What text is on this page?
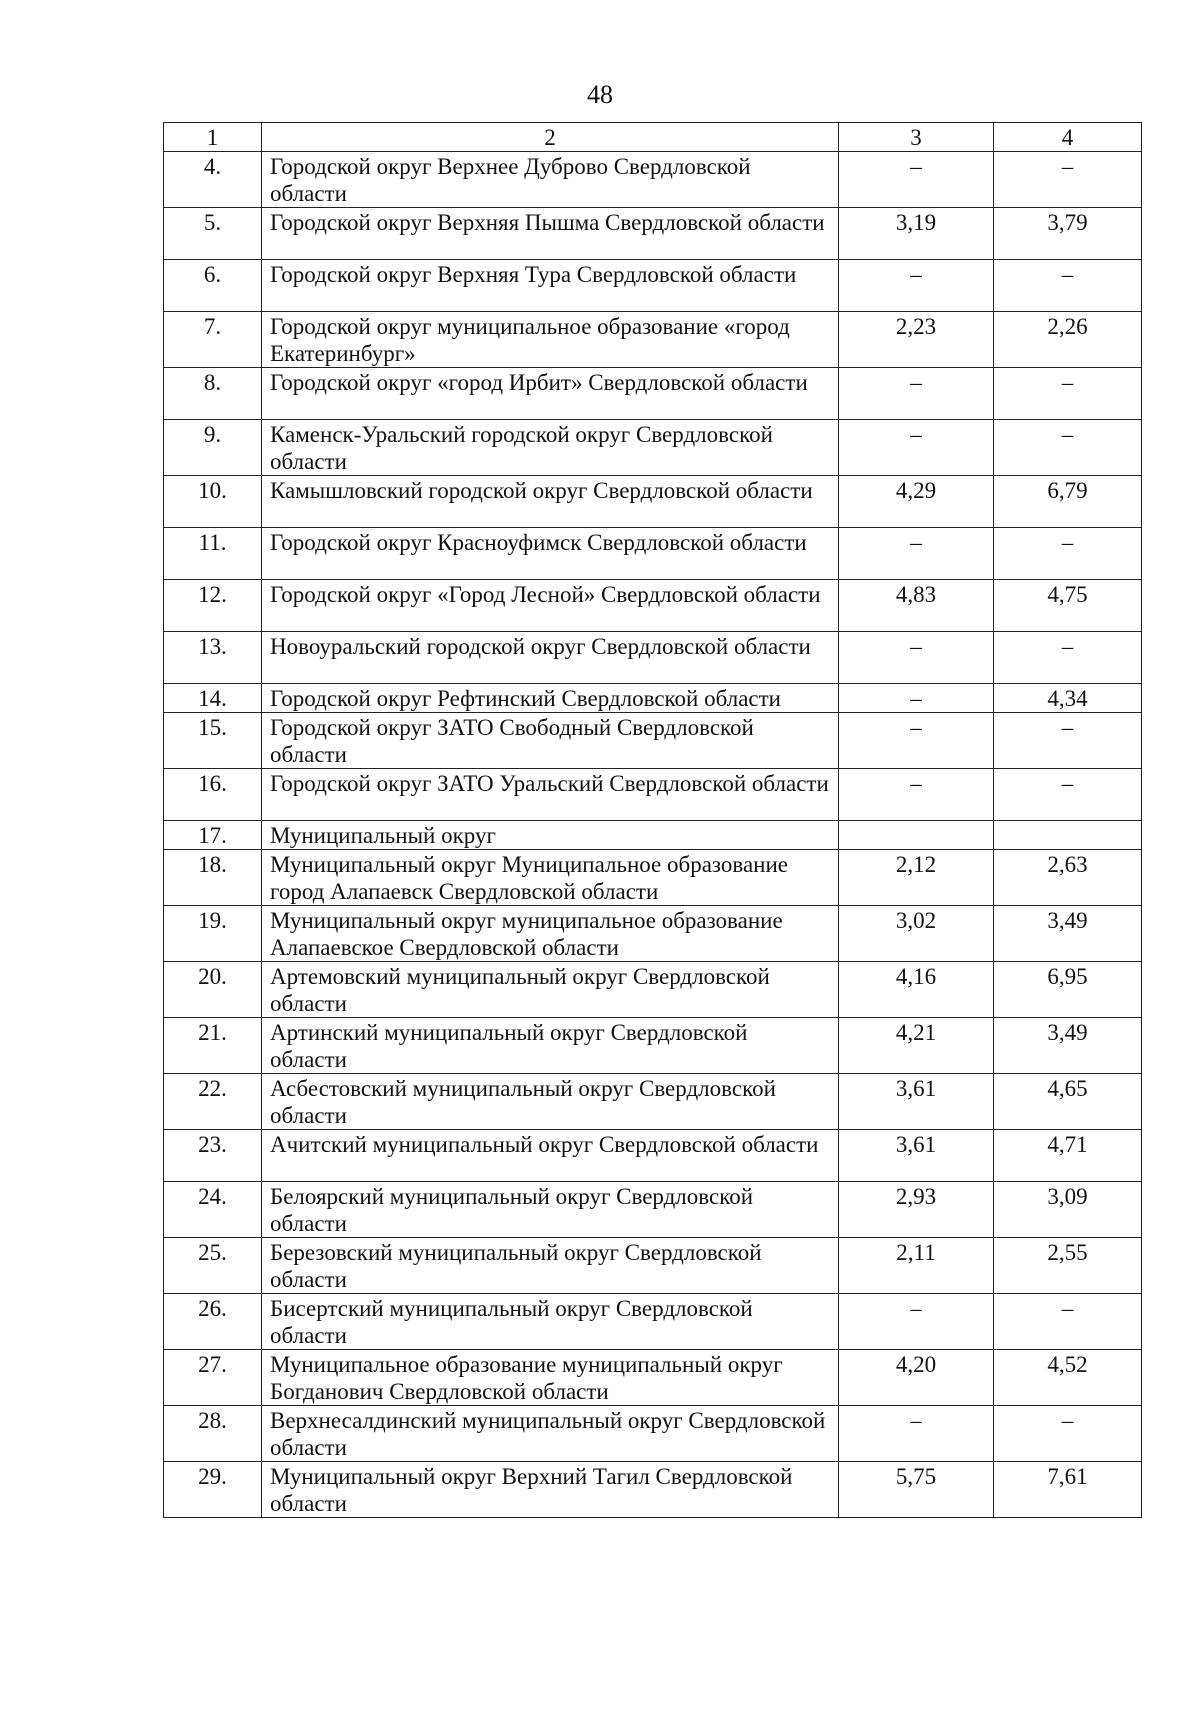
48
1	2	3	4
4.	Городской округ Верхнее Дуброво Свердловской области	–	–
5.	Городской округ Верхняя Пышма Свердловской области	3,19	3,79
6.	Городской округ Верхняя Тура Свердловской области	–	–
7.	Городской округ муниципальное образование «город Екатеринбург»	2,23	2,26
8.	Городской округ «город Ирбит» Свердловской области	–	–
9.	Каменск-Уральский городской округ Свердловской области	–	–
10.	Камышловский городской округ Свердловской области	4,29	6,79
11.	Городской округ Красноуфимск Свердловской области	–	–
12.	Городской округ «Город Лесной» Свердловской области	4,83	4,75
13.	Новоуральский городской округ Свердловской области	–	–
14.	Городской округ Рефтинский Свердловской области	–	4,34
15.	Городской округ ЗАТО Свободный Свердловской области	–	–
16.	Городской округ ЗАТО Уральский Свердловской области	–	–
17.	Муниципальный округ		
18.	Муниципальный округ Муниципальное образование город Алапаевск Свердловской области	2,12	2,63
19.	Муниципальный округ муниципальное образование Алапаевское Свердловской области	3,02	3,49
20.	Артемовский муниципальный округ Свердловской области	4,16	6,95
21.	Артинский муниципальный округ Свердловской области	4,21	3,49
22.	Асбестовский муниципальный округ Свердловской области	3,61	4,65
23.	Ачитский муниципальный округ Свердловской области	3,61	4,71
24.	Белоярский муниципальный округ Свердловской области	2,93	3,09
25.	Березовский муниципальный округ Свердловской области	2,11	2,55
26.	Бисертский муниципальный округ Свердловской области	–	–
27.	Муниципальное образование муниципальный округ Богданович Свердловской области	4,20	4,52
28.	Верхнесалдинский муниципальный округ Свердловской области	–	–
29.	Муниципальный округ Верхний Тагил Свердловской области	5,75	7,61
